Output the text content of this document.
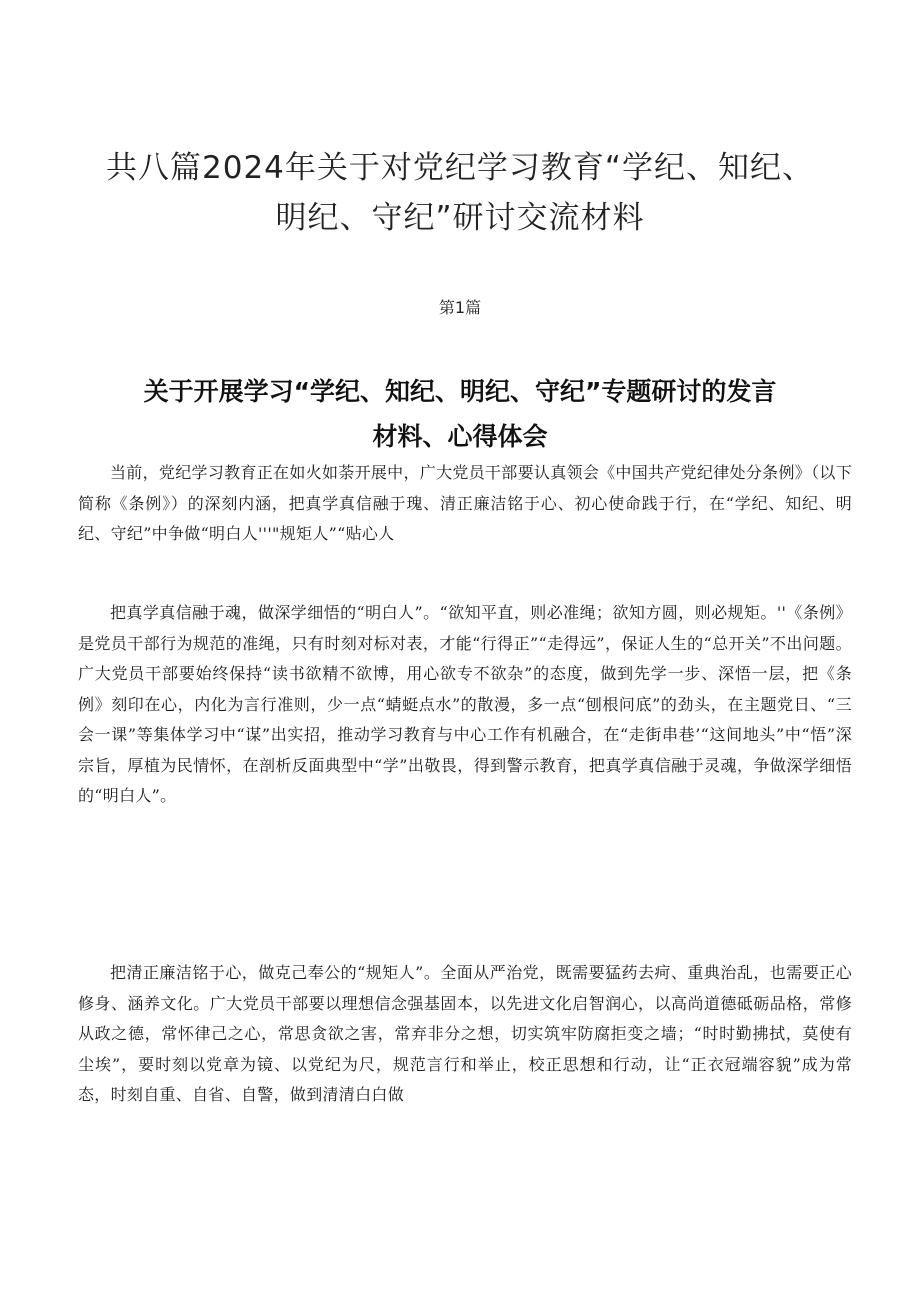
共八篇2024年关于对党纪学习教育“学纪、知纪、
明纪、守纪”研讨交流材料
第1篇
关于开展学习“学纪、知纪、明纪、守纪”专题研讨的发言
材料、心得体会

当前，党纪学习教育正在如火如荼开展中，广大党员干部要认真领会《中国共产党纪律处分条例》（以下简称《条例》）的深刻内涵，把真学真信融于瑰、清正廉洁铭于心、初心使命践于行，在“学纪、知纪、明纪、守纪”中争做“明白人'''"规矩人”“贴心人

把真学真信融于魂，做深学细悟的“明白人”。“欲知平直，则必准绳；欲知方圆，则必规矩。''《条例》是党员干部行为规范的准绳，只有时刻对标对表，才能“行得正”“走得远”，保证人生的“总开关”不出问题。广大党员干部要始终保持“读书欲精不欲博，用心欲专不欲杂”的态度，做到先学一步、深悟一层，把《条例》刻印在心，内化为言行准则，少一点“蜻蜓点水”的散漫，多一点“刨根问底”的劲头，在主题党日、“三会一课”等集体学习中“谋”出实招，推动学习教育与中心工作有机融合，在“走街串巷’“这间地头”中“悟”深宗旨，厚植为民情怀，在剖析反面典型中“学”出敬畏，得到警示教育，把真学真信融于灵魂，争做深学细悟的“明白人”。

把清正廉洁铭于心，做克己奉公的“规矩人”。全面从严治党，既需要猛药去疴、重典治乱，也需要正心修身、涵养文化。广大党员干部要以理想信念强基固本，以先进文化启智润心，以高尚道德砥砺品格，常修从政之德，常怀律己之心，常思贪欲之害，常弃非分之想，切实筑牢防腐拒变之墙；“时时勤拂拭，莫使有尘埃”，要时刻以党章为镜、以党纪为尺，规范言行和举止，校正思想和行动，让“正衣冠端容貌”成为常态，时刻自重、自省、自警，做到清清白白做
